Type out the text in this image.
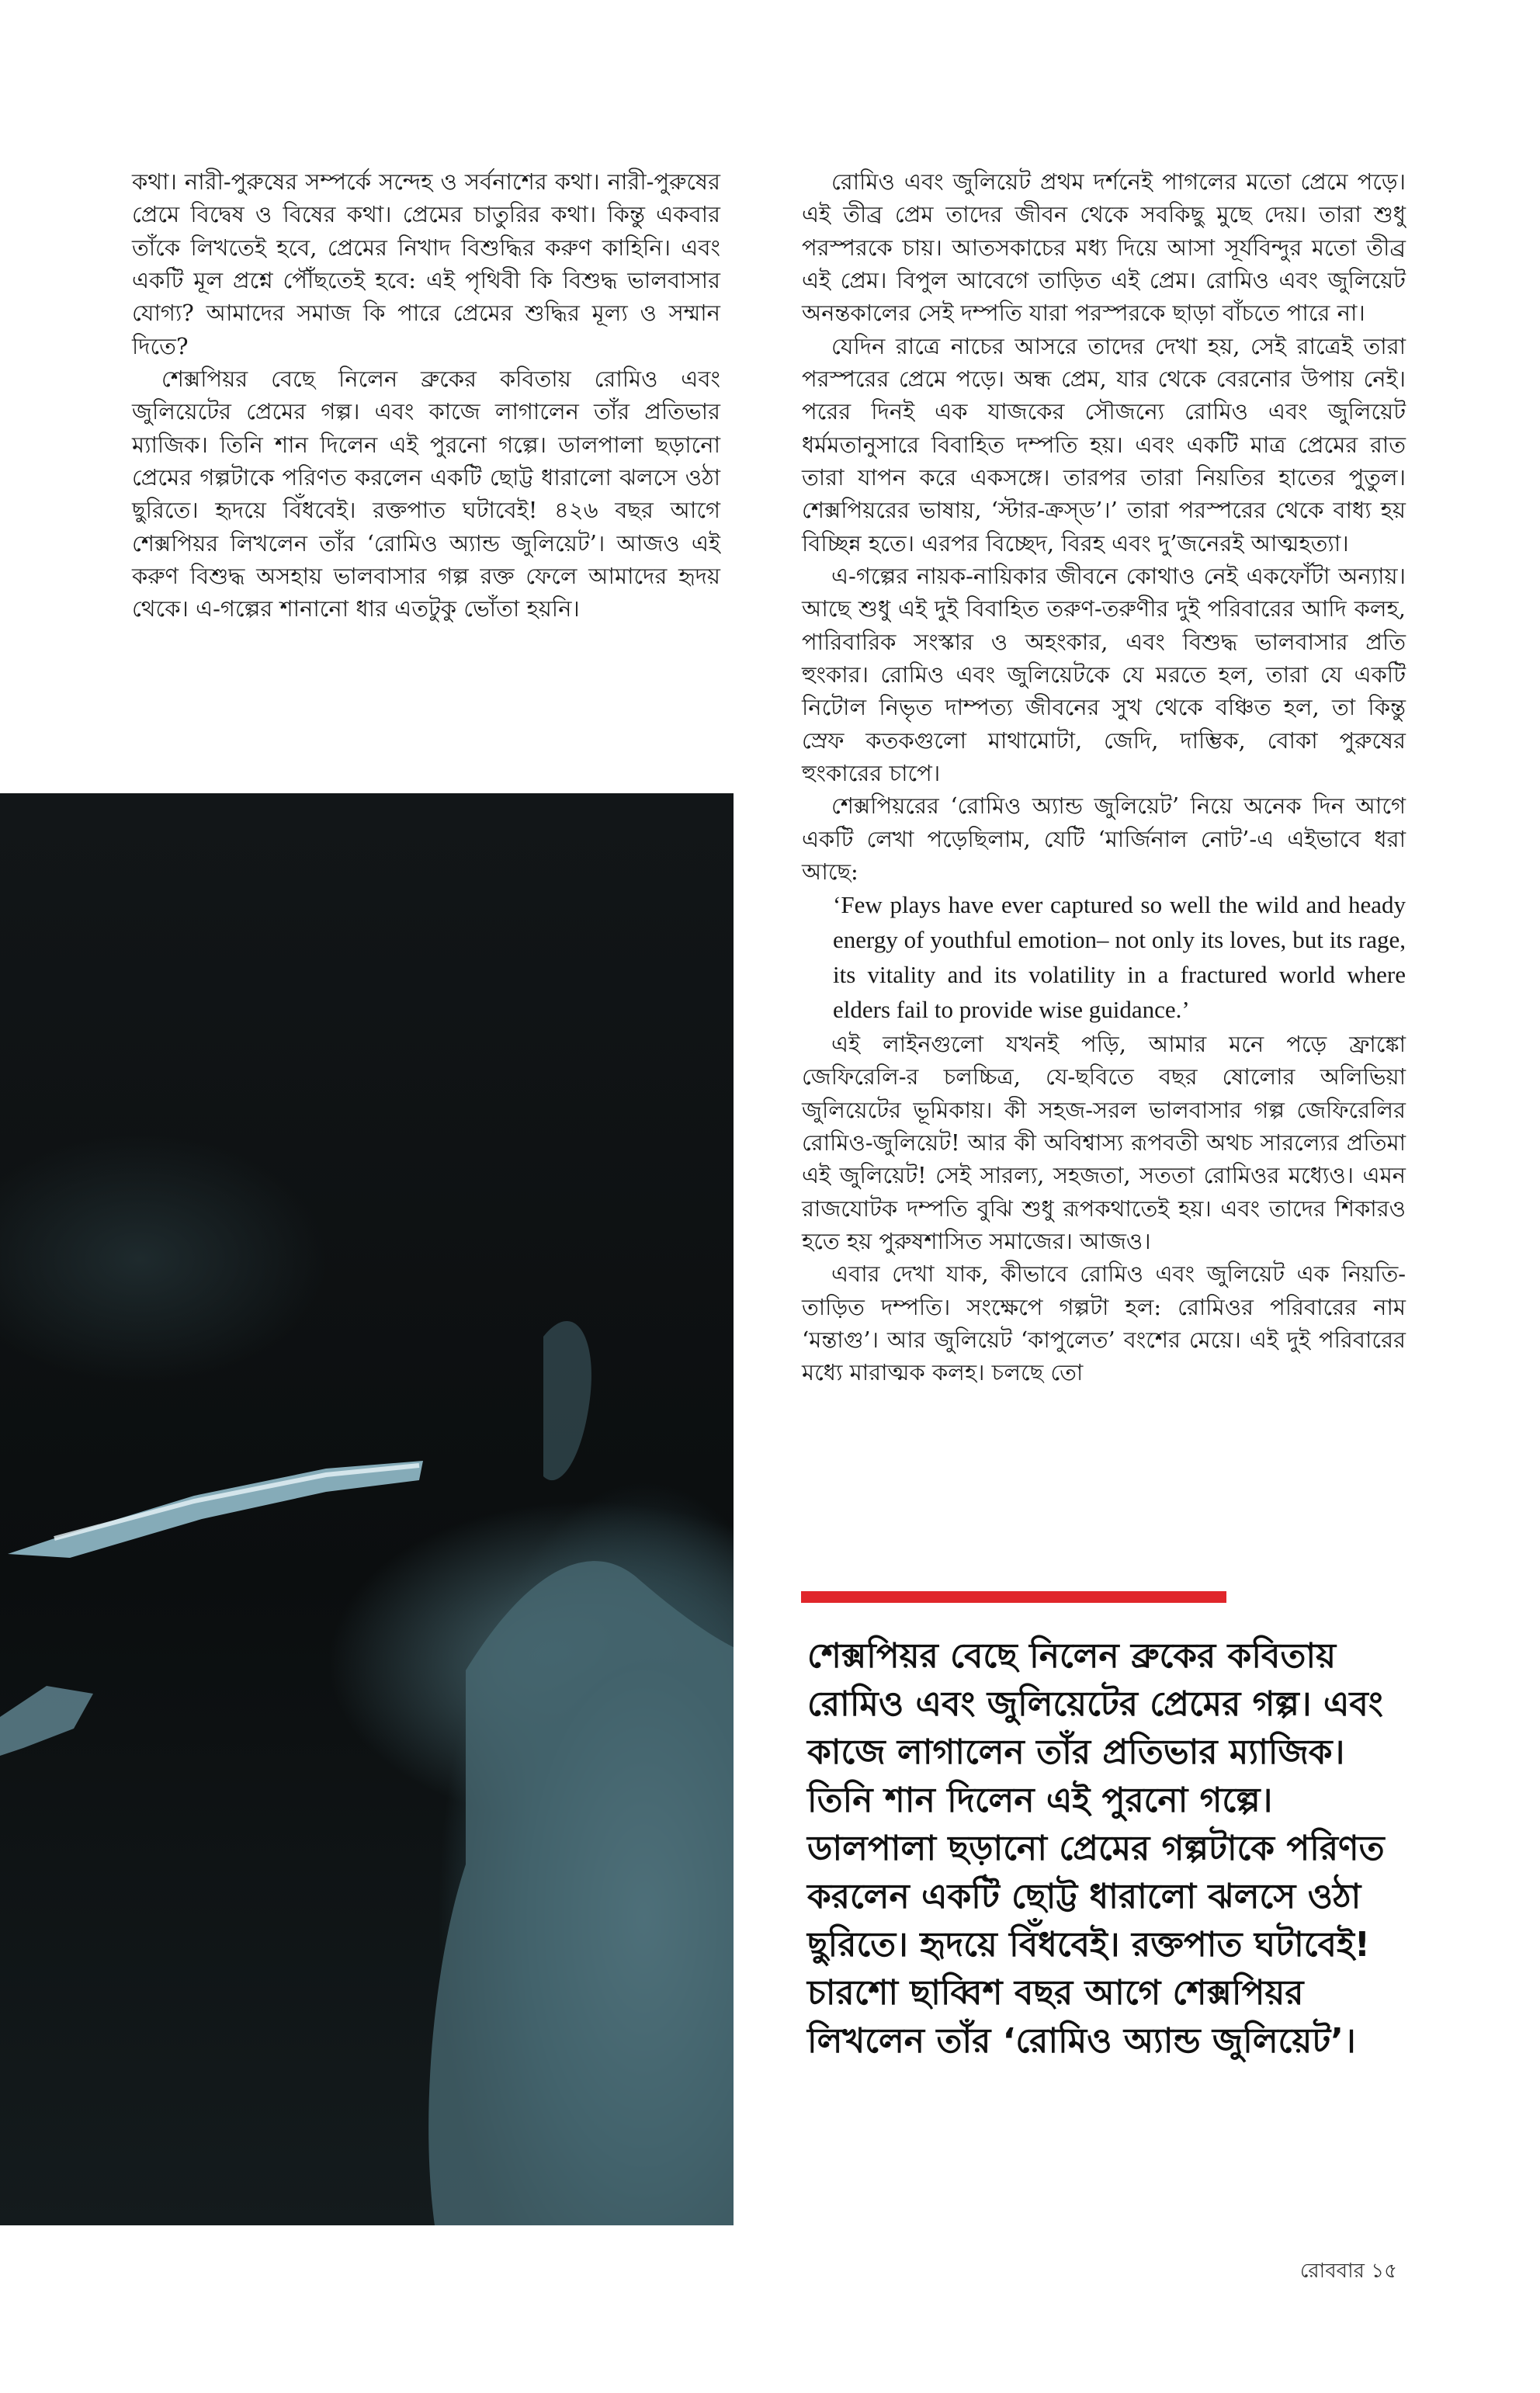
কথা। নারী-পুরুষের সম্পর্কে সন্দেহ ও সর্বনাশের কথা। নারী-পুরুষের প্রেমে বিদ্বেষ ও বিষের কথা। প্রেমের চাতুরির কথা। কিন্তু একবার তাঁকে লিখতেই হবে, প্রেমের নিখাদ বিশুদ্ধির করুণ কাহিনি। এবং একটি মূল প্রশ্নে পৌঁছতেই হবে: এই পৃথিবী কি বিশুদ্ধ ভালবাসার যোগ্য? আমাদের সমাজ কি পারে প্রেমের শুদ্ধির মূল্য ও সম্মান দিতে?

শেক্সপিয়র বেছে নিলেন ব্রুকের কবিতায় রোমিও এবং জুলিয়েটের প্রেমের গল্প। এবং কাজে লাগালেন তাঁর প্রতিভার ম্যাজিক। তিনি শান দিলেন এই পুরনো গল্পে। ডালপালা ছড়ানো প্রেমের গল্পটাকে পরিণত করলেন একটি ছোট্ট ধারালো ঝলসে ওঠা ছুরিতে। হৃদয়ে বিঁধবেই। রক্তপাত ঘটাবেই! ৪২৬ বছর আগে শেক্সপিয়র লিখলেন তাঁর ‘রোমিও অ্যান্ড জুলিয়েট’। আজও এই করুণ বিশুদ্ধ অসহায় ভালবাসার গল্প রক্ত ফেলে আমাদের হৃদয় থেকে। এ-গল্পের শানানো ধার এতটুকু ভোঁতা হয়নি।

রোমিও এবং জুলিয়েট প্রথম দর্শনেই পাগলের মতো প্রেমে পড়ে। এই তীব্র প্রেম তাদের জীবন থেকে সবকিছু মুছে দেয়। তারা শুধু পরস্পরকে চায়। আতসকাচের মধ্য দিয়ে আসা সূর্যবিন্দুর মতো তীব্র এই প্রেম। বিপুল আবেগে তাড়িত এই প্রেম। রোমিও এবং জুলিয়েট অনন্তকালের সেই দম্পতি যারা পরস্পরকে ছাড়া বাঁচতে পারে না।

যেদিন রাত্রে নাচের আসরে তাদের দেখা হয়, সেই রাত্রেই তারা পরস্পরের প্রেমে পড়ে। অন্ধ প্রেম, যার থেকে বেরনোর উপায় নেই। পরের দিনই এক যাজকের সৌজন্যে রোমিও এবং জুলিয়েট ধর্মমতানুসারে বিবাহিত দম্পতি হয়। এবং একটি মাত্র প্রেমের রাত তারা যাপন করে একসঙ্গে। তারপর তারা নিয়তির হাতের পুতুল। শেক্সপিয়রের ভাষায়, ‘স্টার-ক্রস্‌ড’।’ তারা পরস্পরের থেকে বাধ্য হয় বিচ্ছিন্ন হতে। এরপর বিচ্ছেদ, বিরহ এবং দু’জনেরই আত্মহত্যা।

এ-গল্পের নায়ক-নায়িকার জীবনে কোথাও নেই একফোঁটা অন্যায়। আছে শুধু এই দুই বিবাহিত তরুণ-তরুণীর দুই পরিবারের আদি কলহ, পারিবারিক সংস্কার ও অহংকার, এবং বিশুদ্ধ ভালবাসার প্রতি হুংকার। রোমিও এবং জুলিয়েটকে যে মরতে হল, তারা যে একটি নিটোল নিভৃত দাম্পত্য জীবনের সুখ থেকে বঞ্চিত হল, তা কিন্তু স্রেফ কতকগুলো মাথামোটা, জেদি, দাম্ভিক, বোকা পুরুষের হুংকারের চাপে।

শেক্সপিয়রের ‘রোমিও অ্যান্ড জুলিয়েট’ নিয়ে অনেক দিন আগে একটি লেখা পড়েছিলাম, যেটি ‘মার্জিনাল নোট’-এ এইভাবে ধরা আছে:

‘Few plays have ever captured so well the wild and heady energy of youthful emotion– not only its loves, but its rage, its vitality and its volatility in a fractured world where elders fail to provide wise guidance.’

এই লাইনগুলো যখনই পড়ি, আমার মনে পড়ে ফ্রাঙ্কো জেফিরেলি-র চলচ্চিত্র, যে-ছবিতে বছর ষোলোর অলিভিয়া জুলিয়েটের ভূমিকায়। কী সহজ-সরল ভালবাসার গল্প জেফিরেলির রোমিও-জুলিয়েট! আর কী অবিশ্বাস্য রূপবতী অথচ সারল্যের প্রতিমা এই জুলিয়েট! সেই সারল্য, সহজতা, সততা রোমিওর মধ্যেও। এমন রাজযোটক দম্পতি বুঝি শুধু রূপকথাতেই হয়। এবং তাদের শিকারও হতে হয় পুরুষশাসিত সমাজের। আজও।

এবার দেখা যাক, কীভাবে রোমিও এবং জুলিয়েট এক নিয়তি-তাড়িত দম্পতি। সংক্ষেপে গল্পটা হল: রোমিওর পরিবারের নাম ‘মন্তাগু’। আর জুলিয়েট ‘কাপুলেত’ বংশের মেয়ে। এই দুই পরিবারের মধ্যে মারাত্মক কলহ। চলছে তো

শেক্সপিয়র বেছে নিলেন ব্রুকের কবিতায় রোমিও এবং জুলিয়েটের প্রেমের গল্প। এবং কাজে লাগালেন তাঁর প্রতিভার ম্যাজিক। তিনি শান দিলেন এই পুরনো গল্পে। ডালপালা ছড়ানো প্রেমের গল্পটাকে পরিণত করলেন একটি ছোট্ট ধারালো ঝলসে ওঠা ছুরিতে। হৃদয়ে বিঁধবেই। রক্তপাত ঘটাবেই! চারশো ছাব্বিশ বছর আগে শেক্সপিয়র লিখলেন তাঁর ‘রোমিও অ্যান্ড জুলিয়েট’।

রোববার ১৫
